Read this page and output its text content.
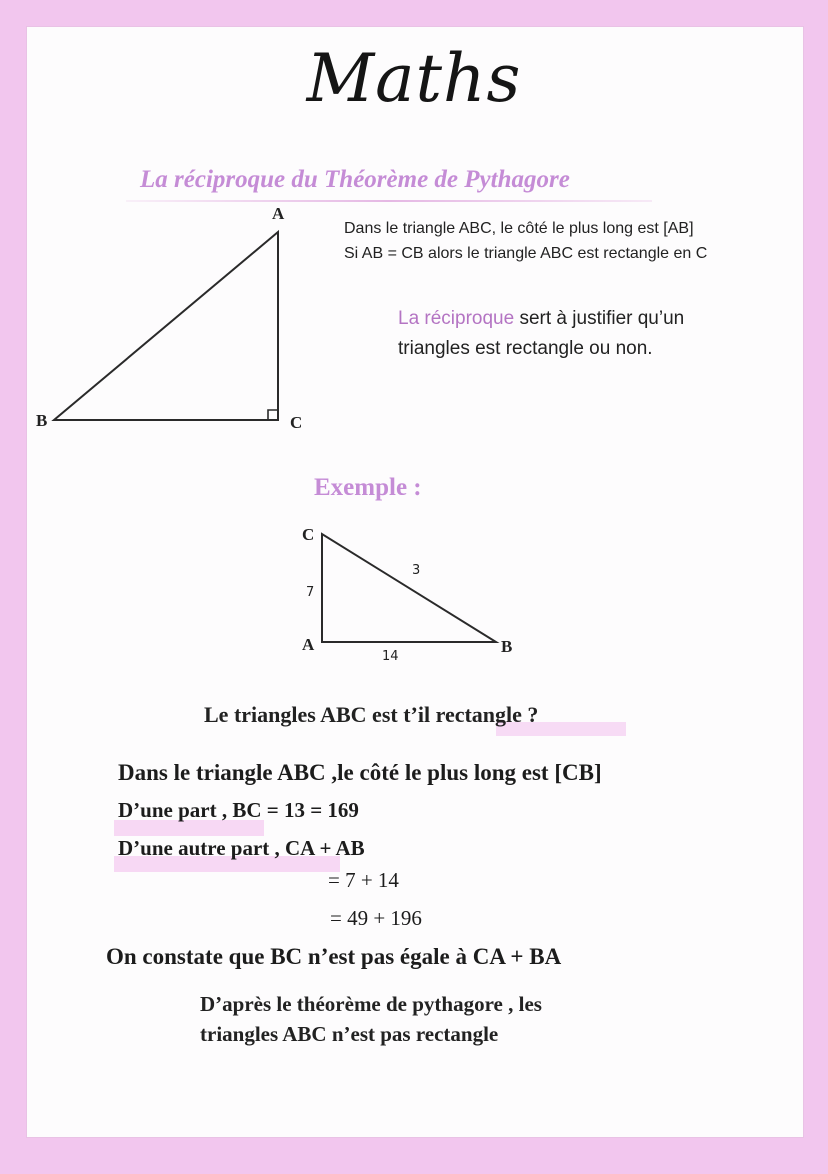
Maths
La réciproque du Théorème de Pythagore
A
B	C
Dans le triangle ABC, le côté le plus long est [AB]
Si AB = CB alors le triangle ABC est rectangle en C
La réciproque sert à justifier qu’un
triangles est rectangle ou non.
Exemple :
C
A	B
7
14
3
Le triangles ABC est t’il rectangle ?
Dans le triangle ABC ,le côté le plus long est [CB]
D’une part , BC = 13 = 169
D’une autre part , CA + AB
= 7 + 14
= 49 + 196
On constate que BC n’est pas égale à CA + BA
D’après le théorème de pythagore , les
triangles ABC n’est pas rectangle
